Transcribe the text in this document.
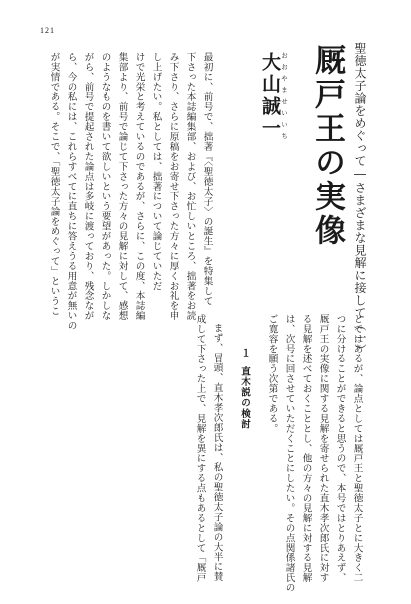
121
聖徳太子論をめぐって―さまざまな見解に接して（一）
厩戸王の実像
おおやませいいち
大山誠一
最初に、前号で、拙著『〈聖徳太子〉の誕生』を特集して
下さった本誌編集部、および、お忙しいところ、拙著をお読
み下さり、さらに原稿をお寄せ下さった方々に厚くお礼を申
し上げたい。私としては、拙著について論じていただ
けで光栄と考えているのであるが、さらに、この度、本誌編
集部より、前号で論じて下さった方々の見解に対して、感想
のようなものを書いて欲しいという要望があった。しかしな
がら、前号で提起された論点は多岐に渡っており、残念なが
ら、今の私には、これらすべてに直ちに答えうる用意が無いの
が実情である。そこで、「聖徳太子論をめぐって」というこ
とではあるが、論点としては厩戸王と聖徳太子とに大きく二
つに分けることができると思うので、本号ではとりあえず、
厩戸王の実像に関する見解を寄せられた直木孝次郎氏に対す
る見解を述べておくこととし、他の方々の見解に対する見解
は、次号に回させていただくことにしたい。その点関係諸氏の
ご寛容を願う次第である。
１
直木説の検討
まず、冒頭、直木孝次郎氏は、私の聖徳太子論の大半に賛
成して下さった上で、見解を異にする点もあるとして「厩戸
